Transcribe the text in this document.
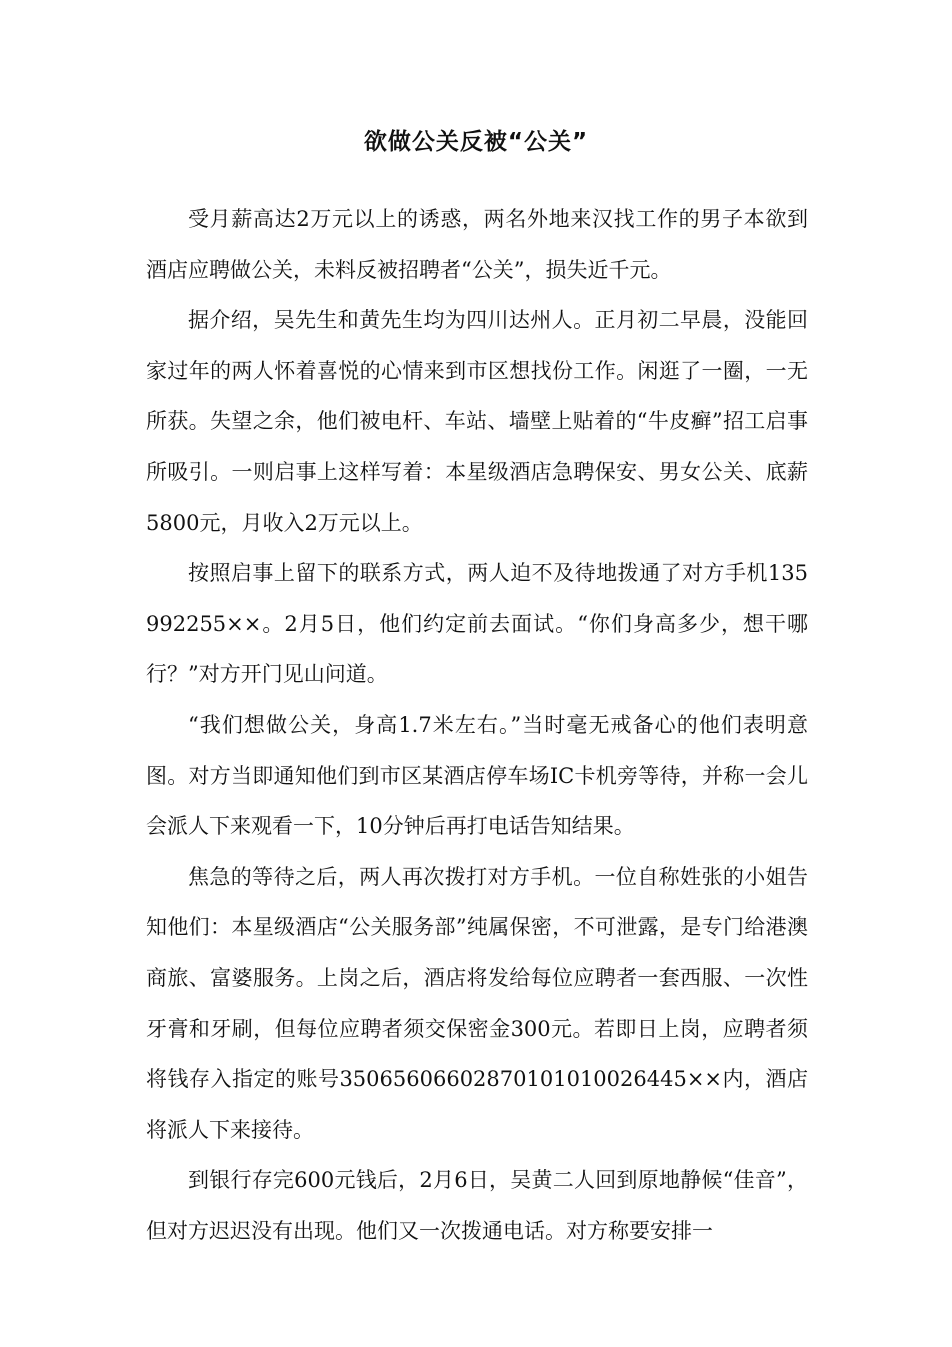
欲做公关反被“公关”

受月薪高达2万元以上的诱惑，两名外地来汉找工作的男子本欲到酒店应聘做公关，未料反被招聘者“公关”，损失近千元。

据介绍，吴先生和黄先生均为四川达州人。正月初二早晨，没能回家过年的两人怀着喜悦的心情来到市区想找份工作。闲逛了一圈，一无所获。失望之余，他们被电杆、车站、墙壁上贴着的“牛皮癣”招工启事所吸引。一则启事上这样写着：本星级酒店急聘保安、男女公关、底薪5800元，月收入2万元以上。

按照启事上留下的联系方式，两人迫不及待地拨通了对方手机135992255××。2月5日，他们约定前去面试。“你们身高多少，想干哪行？”对方开门见山问道。

“我们想做公关，身高1.7米左右。”当时毫无戒备心的他们表明意图。对方当即通知他们到市区某酒店停车场IC卡机旁等待，并称一会儿会派人下来观看一下，10分钟后再打电话告知结果。

焦急的等待之后，两人再次拨打对方手机。一位自称姓张的小姐告知他们：本星级酒店“公关服务部”纯属保密，不可泄露，是专门给港澳商旅、富婆服务。上岗之后，酒店将发给每位应聘者一套西服、一次性牙膏和牙刷，但每位应聘者须交保密金300元。若即日上岗，应聘者须将钱存入指定的账号35065606602870101010026445××内，酒店将派人下来接待。

到银行存完600元钱后，2月6日，吴黄二人回到原地静候“佳音”，但对方迟迟没有出现。他们又一次拨通电话。对方称要安排一
